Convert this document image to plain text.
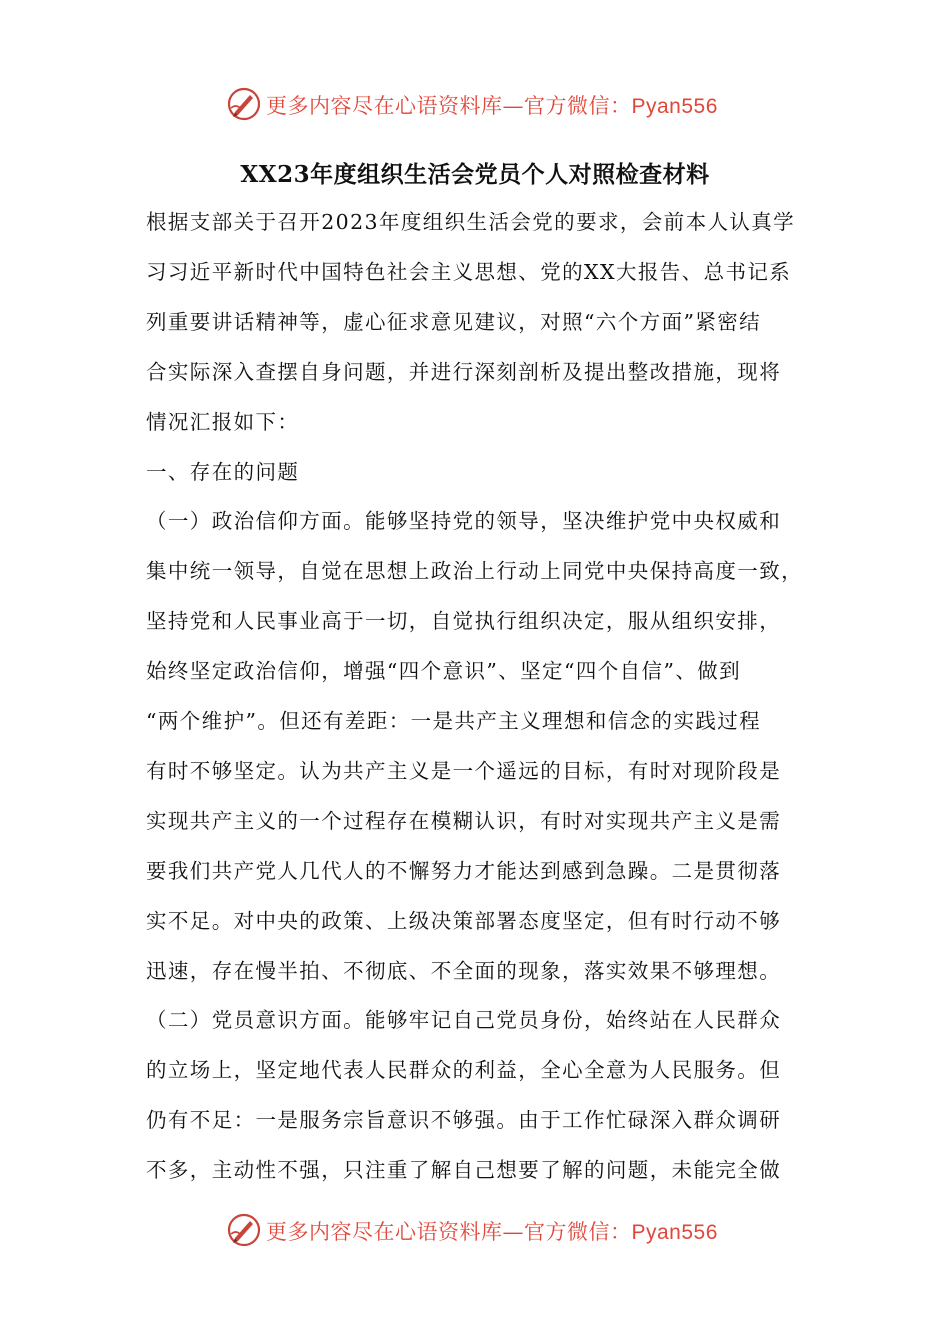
更多内容尽在心语资料库—官方微信：Pyan556
XX23年度组织生活会党员个人对照检查材料
根据支部关于召开2023年度组织生活会党的要求，会前本人认真学
习习近平新时代中国特色社会主义思想、党的XX大报告、总书记系
列重要讲话精神等，虚心征求意见建议，对照“六个方面”紧密结
合实际深入查摆自身问题，并进行深刻剖析及提出整改措施，现将
情况汇报如下：
一、存在的问题
（一）政治信仰方面。能够坚持党的领导，坚决维护党中央权威和
集中统一领导，自觉在思想上政治上行动上同党中央保持高度一致，
坚持党和人民事业高于一切，自觉执行组织决定，服从组织安排，
始终坚定政治信仰，增强“四个意识”、坚定“四个自信”、做到
“两个维护”。但还有差距：一是共产主义理想和信念的实践过程
有时不够坚定。认为共产主义是一个遥远的目标，有时对现阶段是
实现共产主义的一个过程存在模糊认识，有时对实现共产主义是需
要我们共产党人几代人的不懈努力才能达到感到急躁。二是贯彻落
实不足。对中央的政策、上级决策部署态度坚定，但有时行动不够
迅速，存在慢半拍、不彻底、不全面的现象，落实效果不够理想。
（二）党员意识方面。能够牢记自己党员身份，始终站在人民群众
的立场上，坚定地代表人民群众的利益，全心全意为人民服务。但
仍有不足：一是服务宗旨意识不够强。由于工作忙碌深入群众调研
不多，主动性不强，只注重了解自己想要了解的问题，未能完全做
更多内容尽在心语资料库—官方微信：Pyan556
